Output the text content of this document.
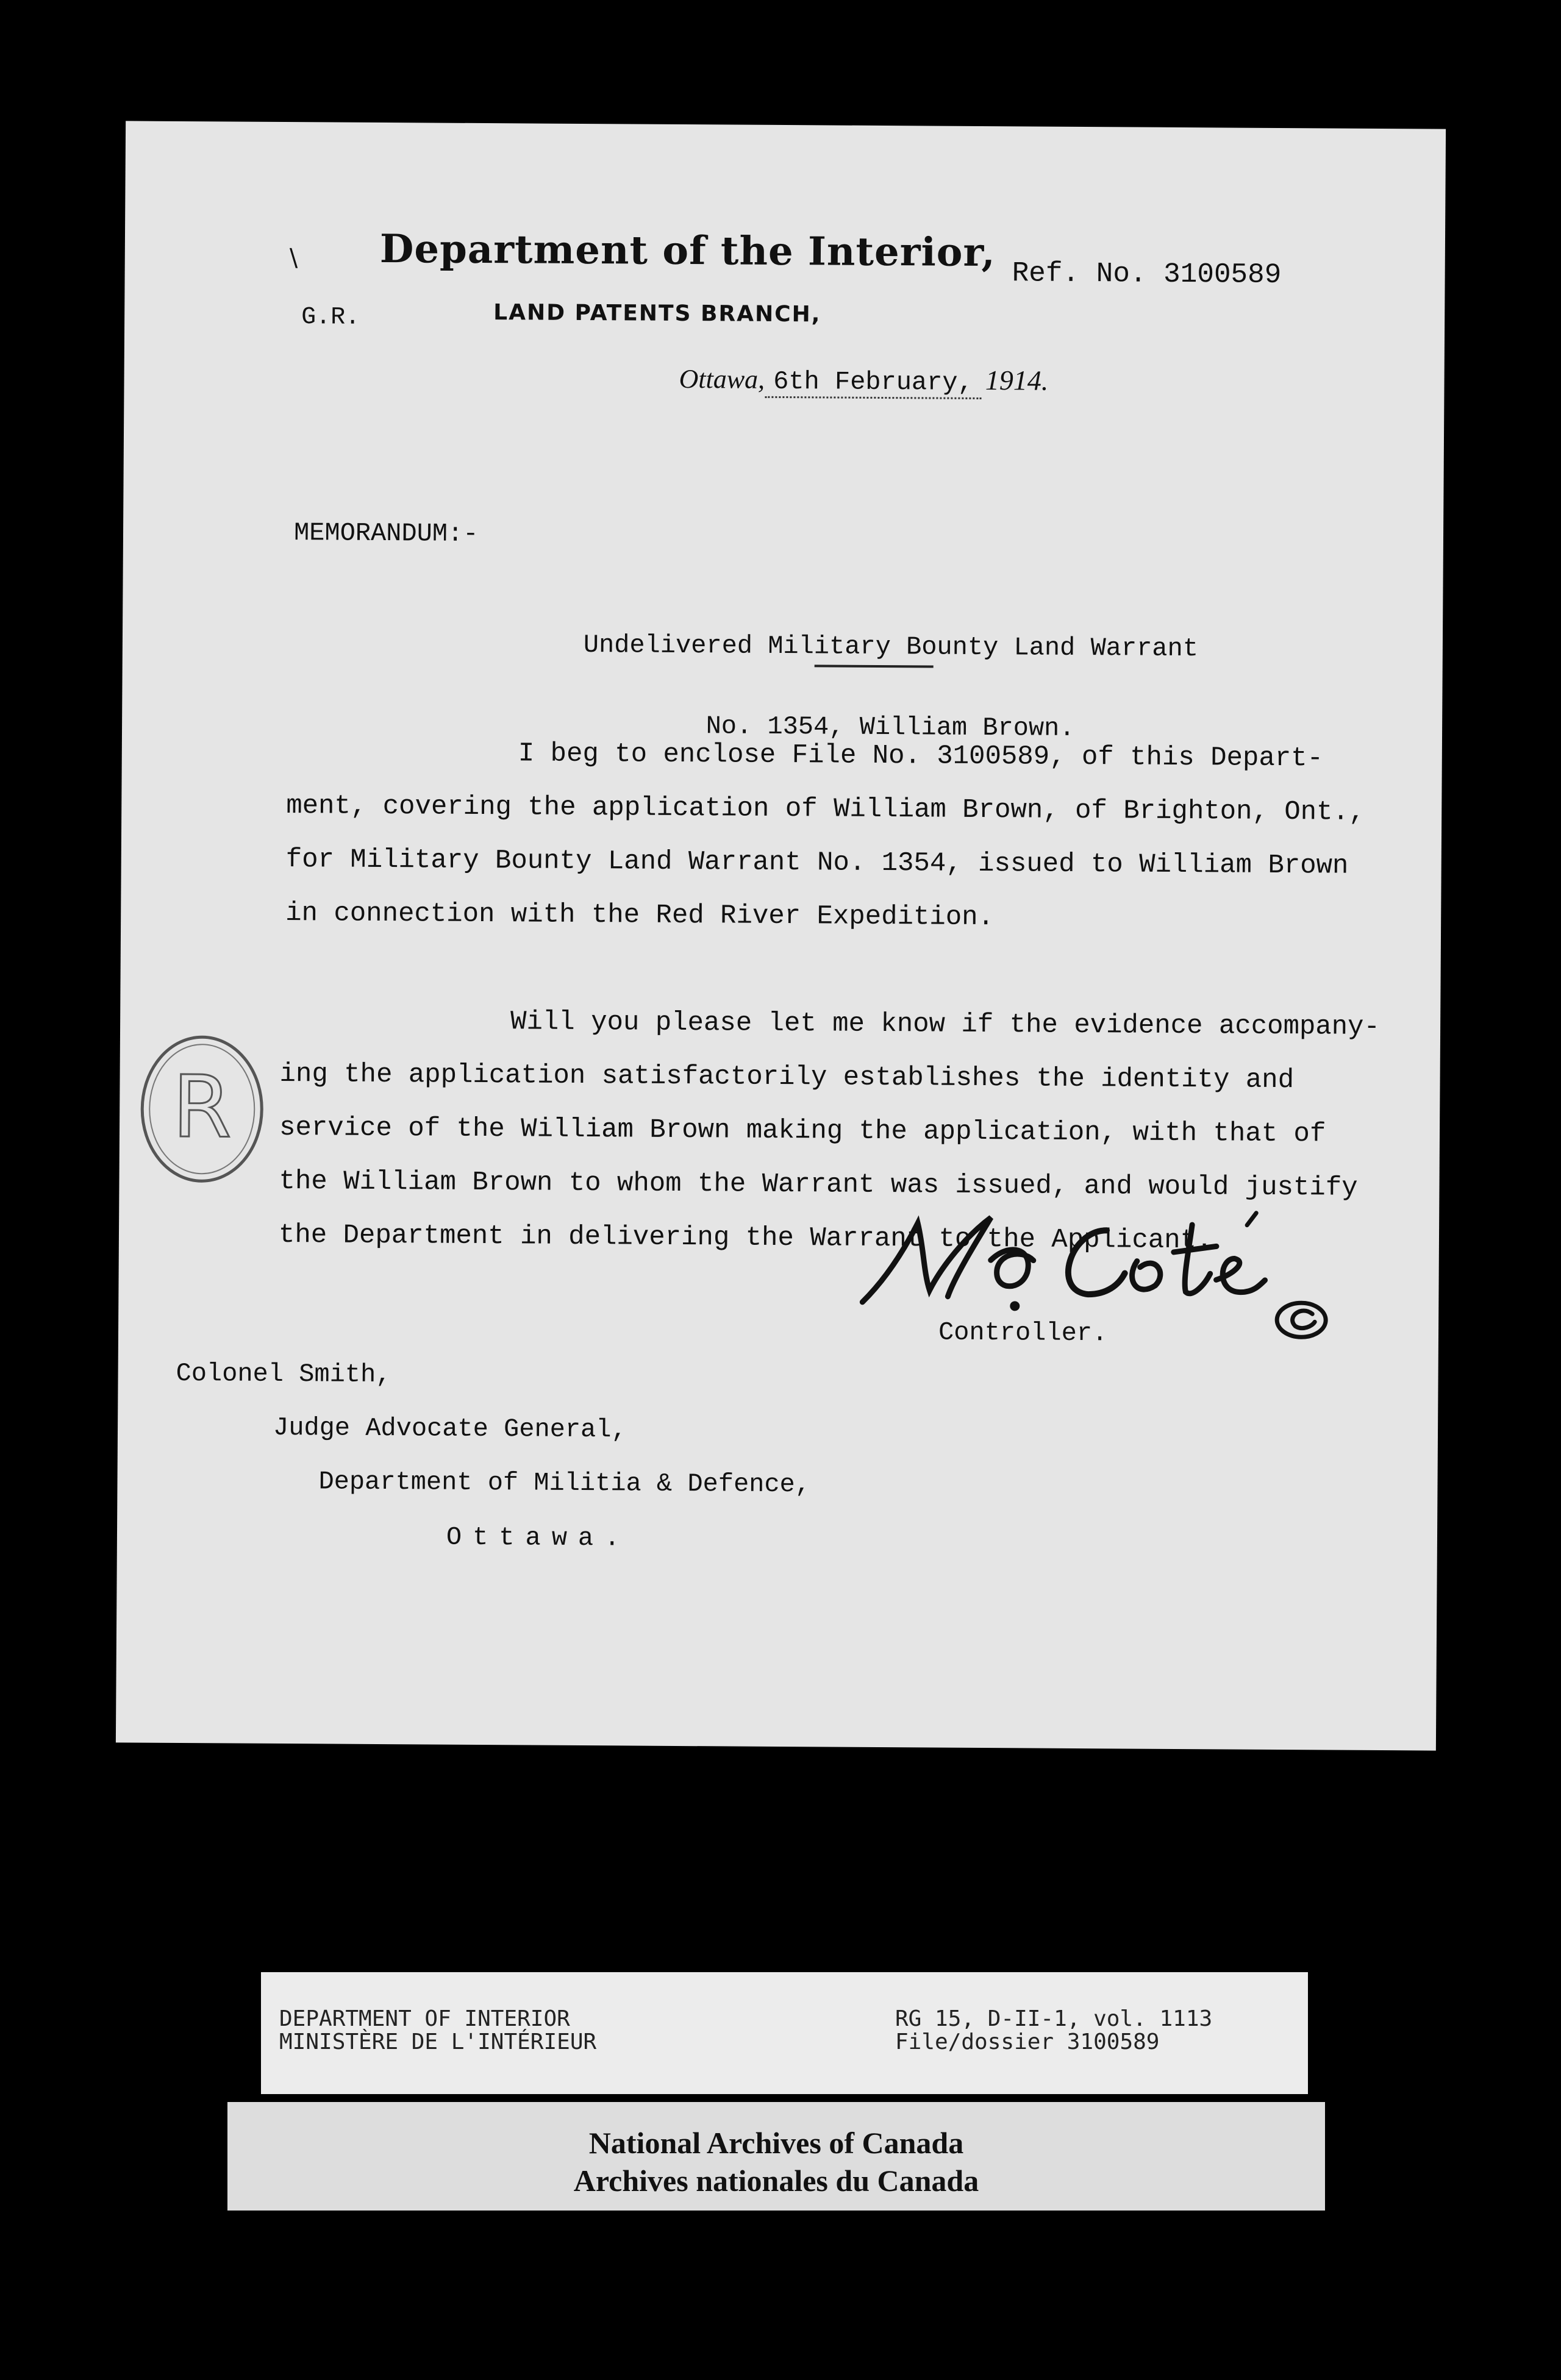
\ Department of the Interior, Ref. No. 3100589
G.R.	LAND PATENTS BRANCH,
Ottawa, 6th February, 1914.
MEMORANDUM:-

Undelivered Military Bounty Land Warrant

No. 1354, William Brown.

I beg to enclose File No. 3100589, of this Depart-
ment, covering the application of William Brown, of Brighton, Ont.,
for Military Bounty Land Warrant No. 1354, issued to William Brown
in connection with the Red River Expedition.
Will you please let me know if the evidence accompany-
ing the application satisfactorily establishes the identity and
service of the William Brown making the application, with that of
the William Brown to whom the Warrant was issued, and would justify
the Department in delivering the Warrant to the Applicant.
R
Controller.
Colonel Smith,
Judge Advocate General,
Department of Militia & Defence,
Ottawa.
DEPARTMENT OF INTERIOR
MINISTÈRE DE L'INTÉRIEUR
RG 15, D-II-1, vol. 1113
File/dossier 3100589
National Archives of Canada
Archives nationales du Canada
